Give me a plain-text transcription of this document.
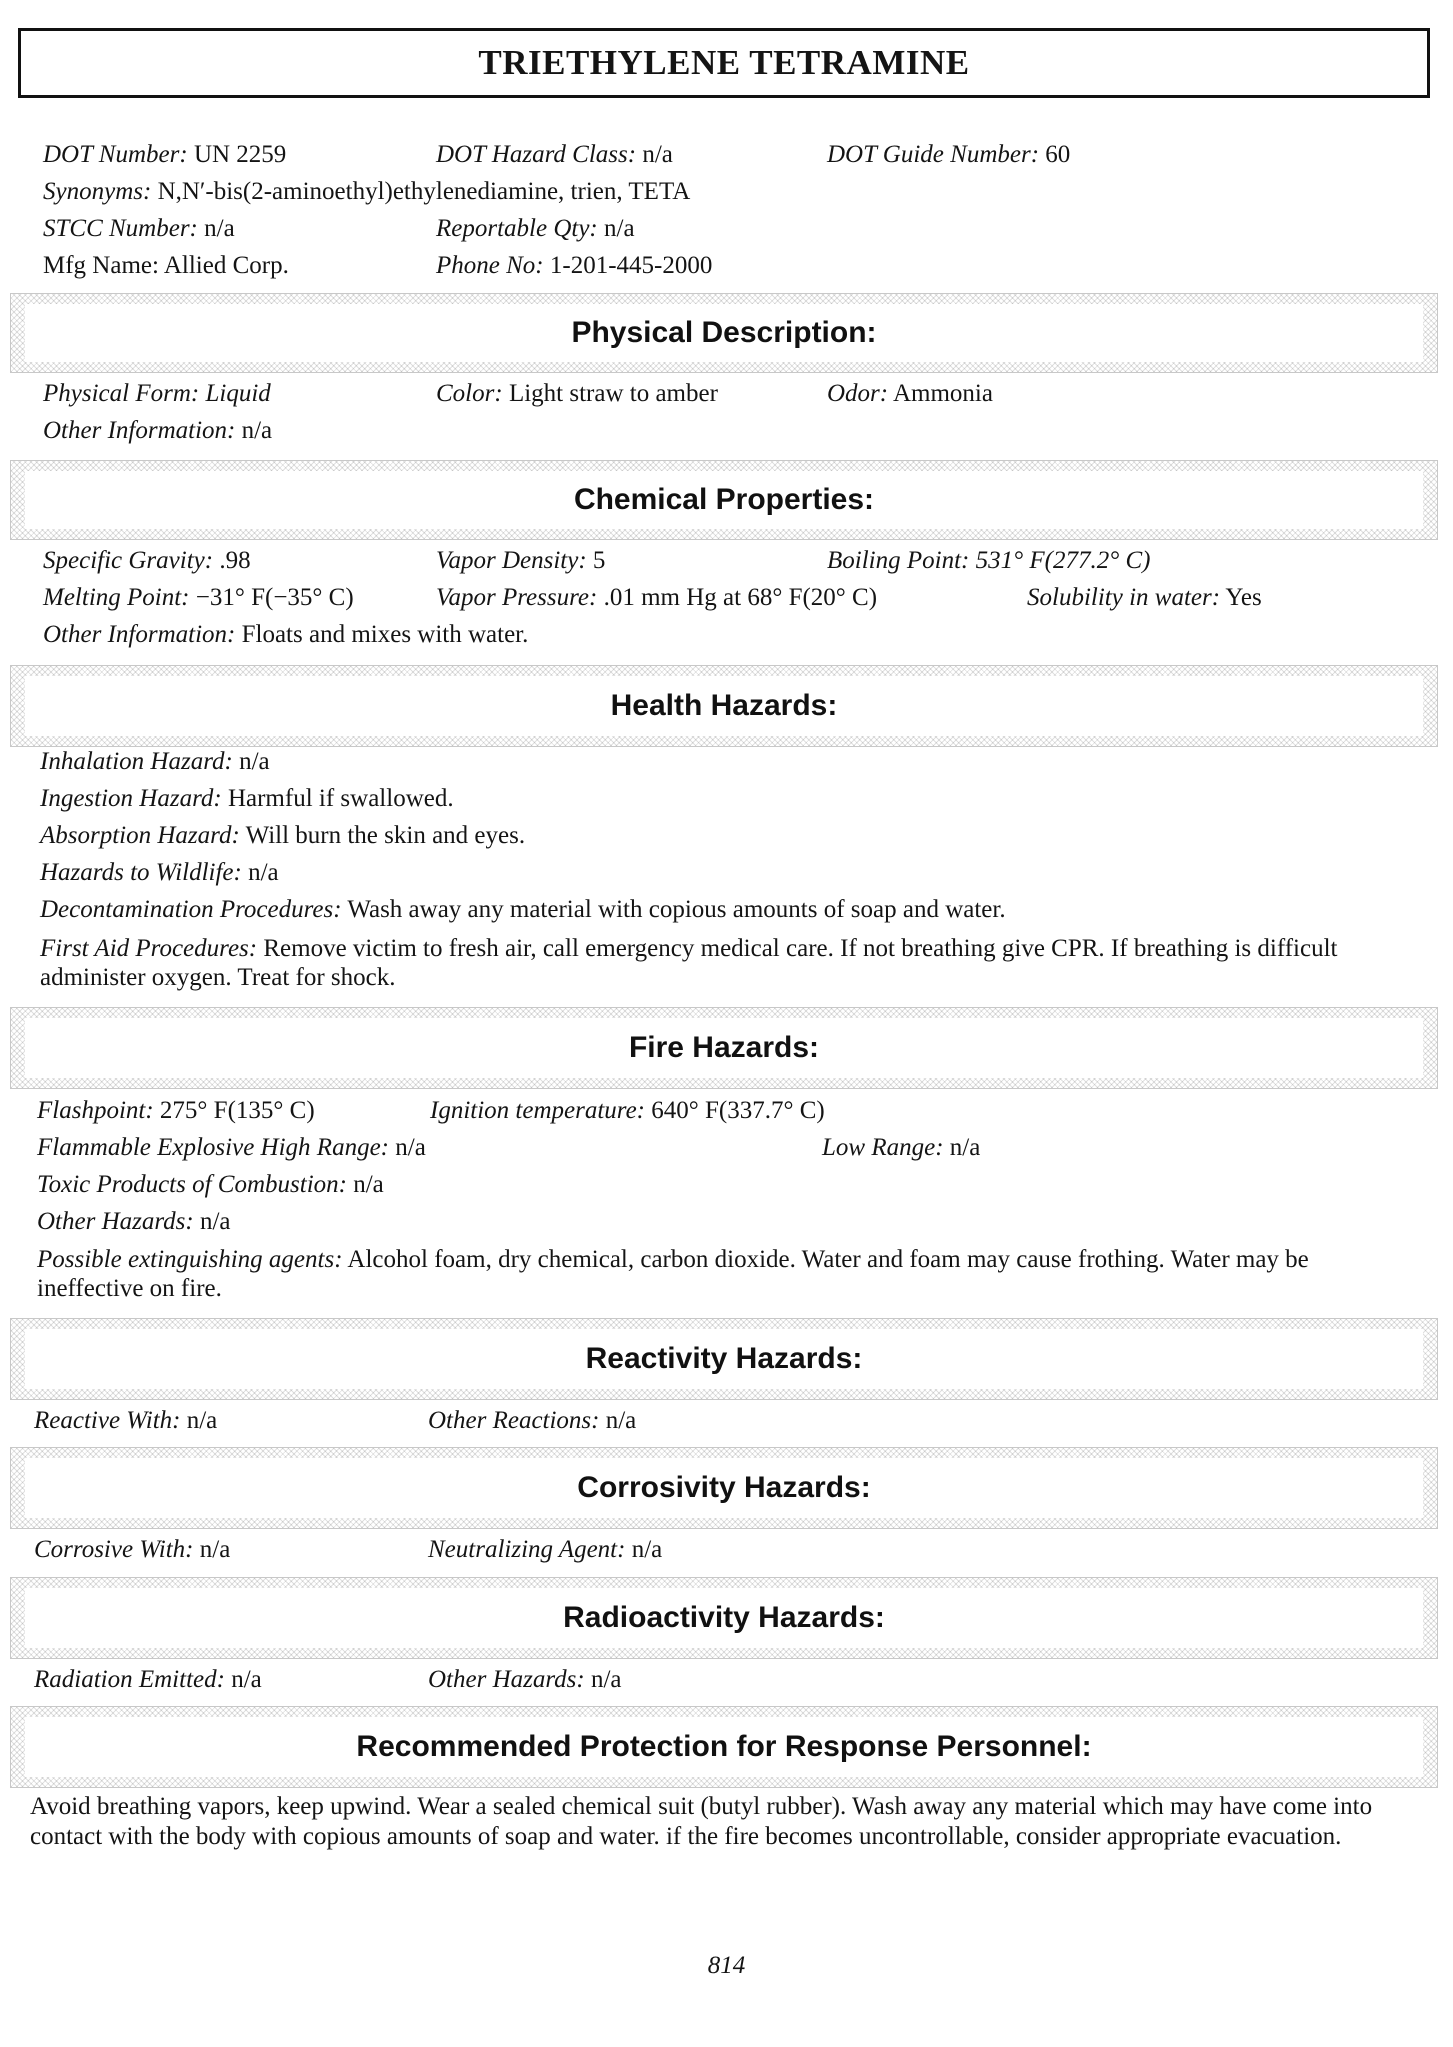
TRIETHYLENE TETRAMINE
DOT Number: UN 2259	DOT Hazard Class: n/a	DOT Guide Number: 60
Synonyms: N,N′-bis(2-aminoethyl)ethylenediamine, trien, TETA
STCC Number: n/a	Reportable Qty: n/a
Mfg Name: Allied Corp.	Phone No: 1-201-445-2000
Physical Description:
Physical Form: Liquid	Color: Light straw to amber	Odor: Ammonia
Other Information: n/a
Chemical Properties:
Specific Gravity: .98	Vapor Density: 5	Boiling Point: 531° F(277.2° C)
Melting Point: −31° F(−35° C)	Vapor Pressure: .01 mm Hg at 68° F(20° C)	Solubility in water: Yes
Other Information: Floats and mixes with water.
Health Hazards:
Inhalation Hazard: n/a
Ingestion Hazard: Harmful if swallowed.
Absorption Hazard: Will burn the skin and eyes.
Hazards to Wildlife: n/a
Decontamination Procedures: Wash away any material with copious amounts of soap and water.
First Aid Procedures: Remove victim to fresh air, call emergency medical care. If not breathing give CPR. If breathing is difficult administer oxygen. Treat for shock.
Fire Hazards:
Flashpoint: 275° F(135° C)	Ignition temperature: 640° F(337.7° C)
Flammable Explosive High Range: n/a	Low Range: n/a
Toxic Products of Combustion: n/a
Other Hazards: n/a
Possible extinguishing agents: Alcohol foam, dry chemical, carbon dioxide. Water and foam may cause frothing. Water may be ineffective on fire.
Reactivity Hazards:
Reactive With: n/a	Other Reactions: n/a
Corrosivity Hazards:
Corrosive With: n/a	Neutralizing Agent: n/a
Radioactivity Hazards:
Radiation Emitted: n/a	Other Hazards: n/a
Recommended Protection for Response Personnel:
Avoid breathing vapors, keep upwind. Wear a sealed chemical suit (butyl rubber). Wash away any material which may have come into contact with the body with copious amounts of soap and water. if the fire becomes uncontrollable, consider appropriate evacuation.
814
